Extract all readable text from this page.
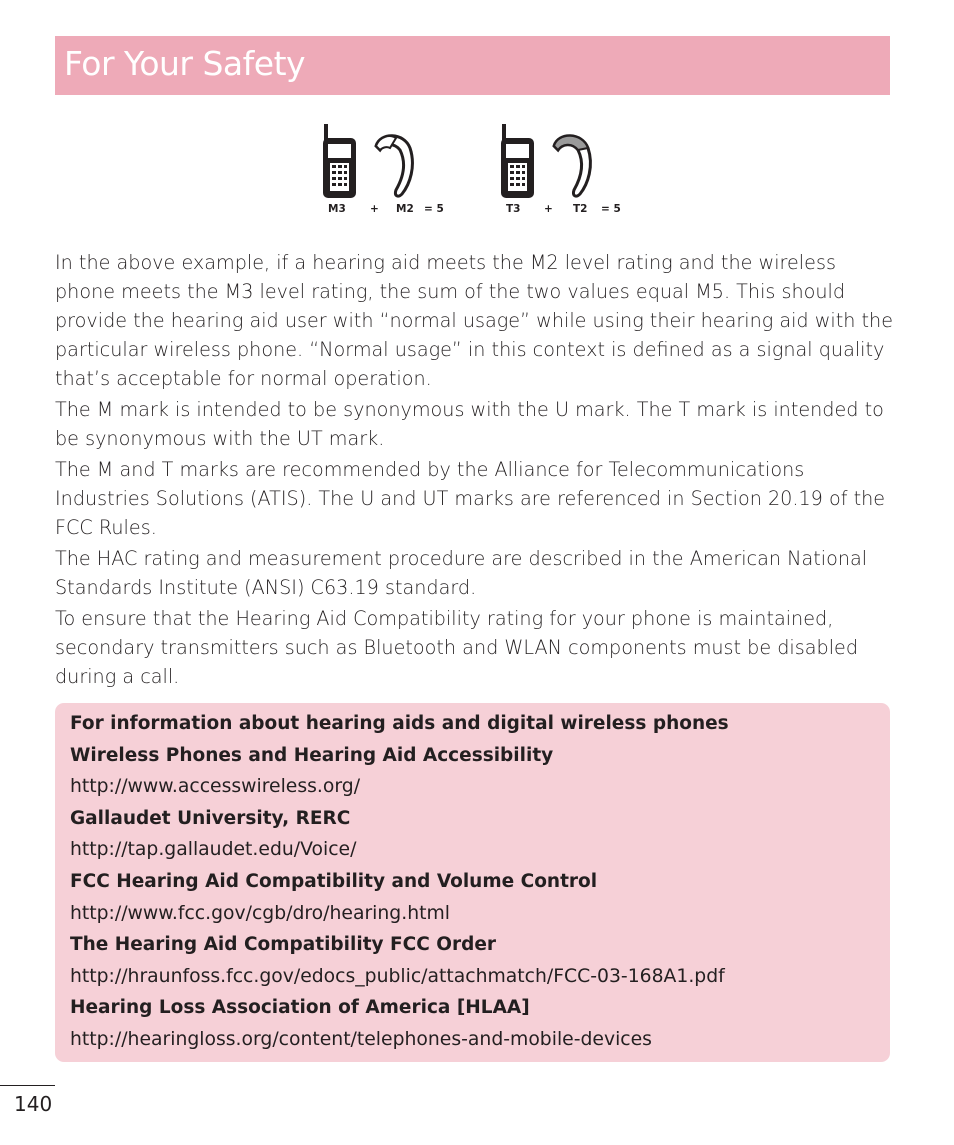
For Your Safety
M3 + M2 = 5	T3 + T2 = 5

In the above example, if a hearing aid meets the M2 level rating and the wireless phone meets the M3 level rating, the sum of the two values equal M5. This should provide the hearing aid user with “normal usage” while using their hearing aid with the particular wireless phone. “Normal usage” in this context is defined as a signal quality that’s acceptable for normal operation.

The M mark is intended to be synonymous with the U mark. The T mark is intended to be synonymous with the UT mark.

The M and T marks are recommended by the Alliance for Telecommunications Industries Solutions (ATIS). The U and UT marks are referenced in Section 20.19 of the FCC Rules.

The HAC rating and measurement procedure are described in the American National Standards Institute (ANSI) C63.19 standard.

To ensure that the Hearing Aid Compatibility rating for your phone is maintained, secondary transmitters such as Bluetooth and WLAN components must be disabled during a call.

For information about hearing aids and digital wireless phones
Wireless Phones and Hearing Aid Accessibility
http://www.accesswireless.org/
Gallaudet University, RERC
http://tap.gallaudet.edu/Voice/
FCC Hearing Aid Compatibility and Volume Control
http://www.fcc.gov/cgb/dro/hearing.html
The Hearing Aid Compatibility FCC Order
http://hraunfoss.fcc.gov/edocs_public/attachmatch/FCC-03-168A1.pdf
Hearing Loss Association of America [HLAA]
http://hearingloss.org/content/telephones-and-mobile-devices
140
